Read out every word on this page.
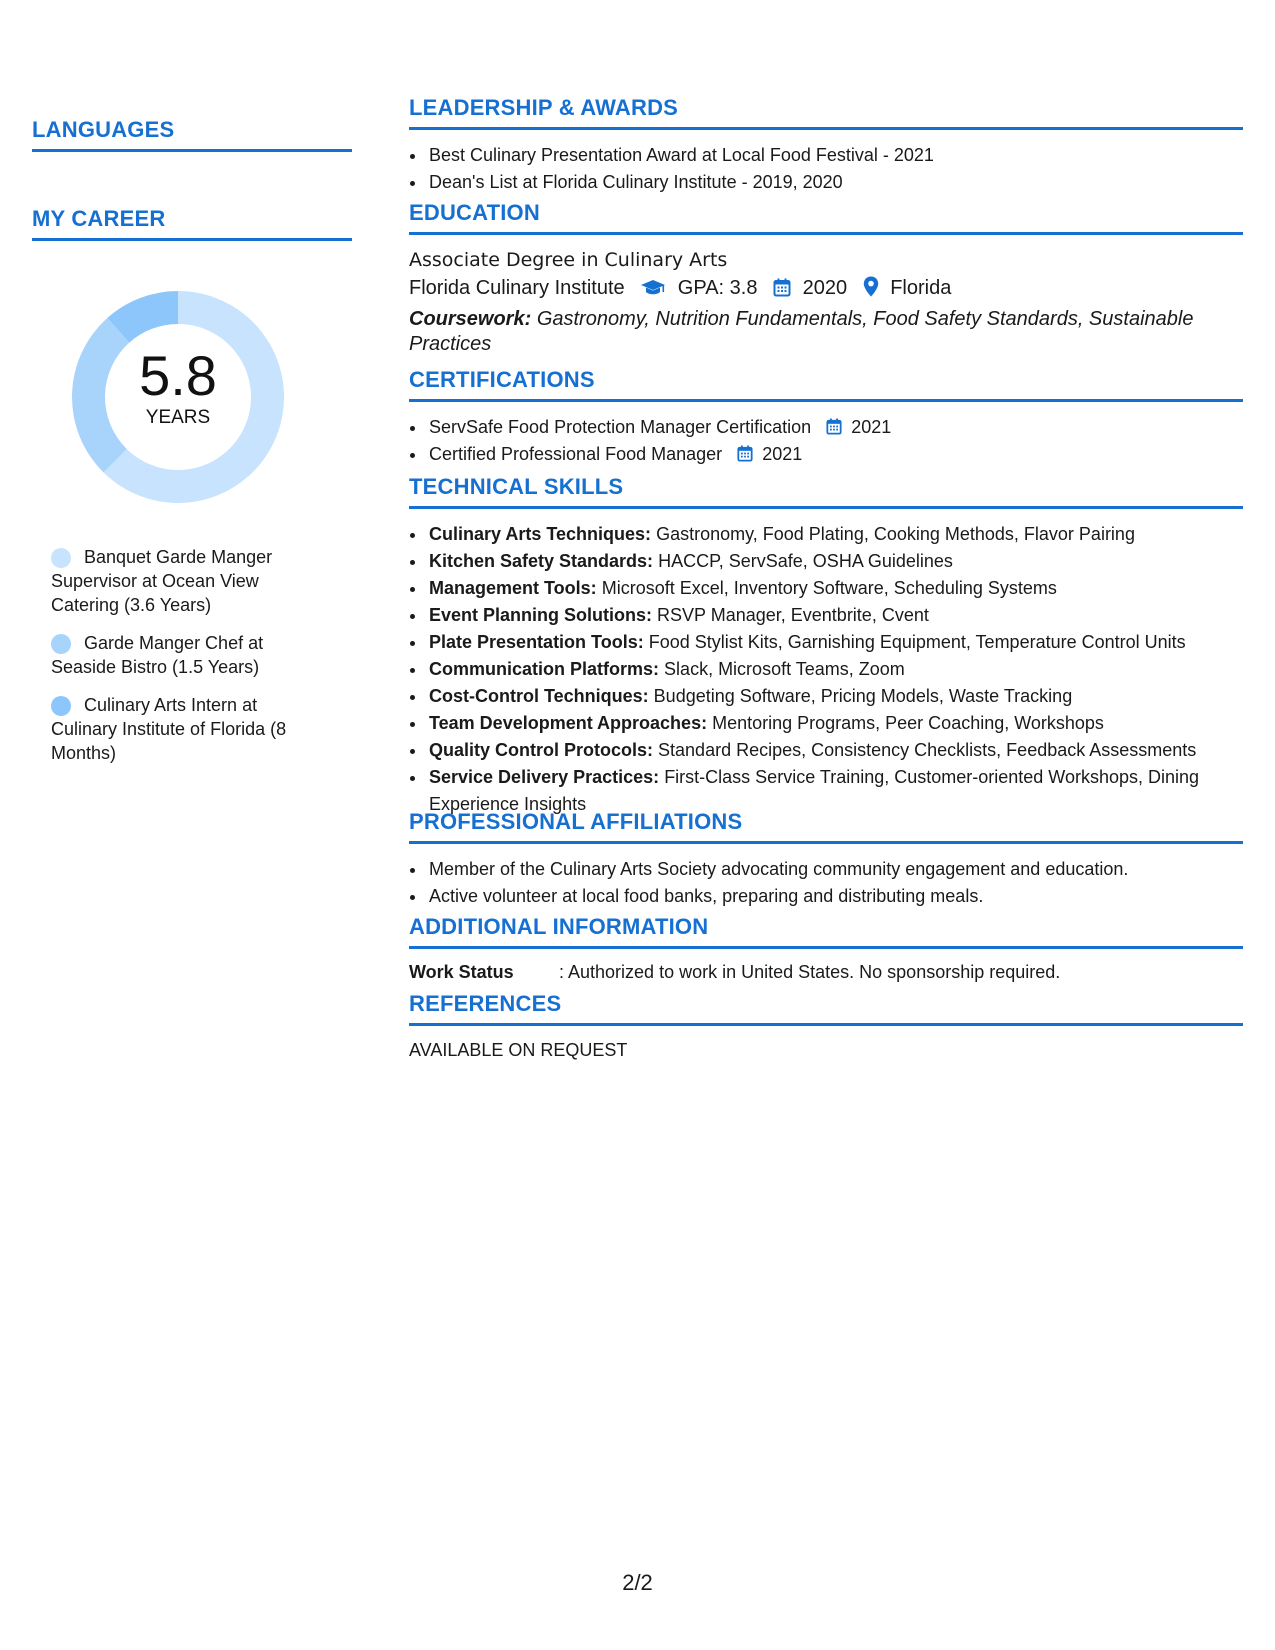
LANGUAGES
MY CAREER
5.8
YEARS
Banquet Garde Manger Supervisor at Ocean View Catering (3.6 Years)
Garde Manger Chef at Seaside Bistro (1.5 Years)
Culinary Arts Intern at Culinary Institute of Florida (8 Months)
LEADERSHIP & AWARDS
• Best Culinary Presentation Award at Local Food Festival - 2021
• Dean's List at Florida Culinary Institute - 2019, 2020
EDUCATION
Associate Degree in Culinary Arts
Florida Culinary Institute	GPA: 3.8 2020 Florida
Coursework: Gastronomy, Nutrition Fundamentals, Food Safety Standards, Sustainable Practices
CERTIFICATIONS
• ServSafe Food Protection Manager Certification 2021
• Certified Professional Food Manager 2021
TECHNICAL SKILLS
• Culinary Arts Techniques: Gastronomy, Food Plating, Cooking Methods, Flavor Pairing
• Kitchen Safety Standards: HACCP, ServSafe, OSHA Guidelines
• Management Tools: Microsoft Excel, Inventory Software, Scheduling Systems
• Event Planning Solutions: RSVP Manager, Eventbrite, Cvent
• Plate Presentation Tools: Food Stylist Kits, Garnishing Equipment, Temperature Control Units
• Communication Platforms: Slack, Microsoft Teams, Zoom
• Cost-Control Techniques: Budgeting Software, Pricing Models, Waste Tracking
• Team Development Approaches: Mentoring Programs, Peer Coaching, Workshops
• Quality Control Protocols: Standard Recipes, Consistency Checklists, Feedback Assessments
• Service Delivery Practices: First-Class Service Training, Customer-oriented Workshops, Dining Experience Insights
PROFESSIONAL AFFILIATIONS
• Member of the Culinary Arts Society advocating community engagement and education.
• Active volunteer at local food banks, preparing and distributing meals.
ADDITIONAL INFORMATION
Work Status	: Authorized to work in United States. No sponsorship required.
REFERENCES
AVAILABLE ON REQUEST
2/2
